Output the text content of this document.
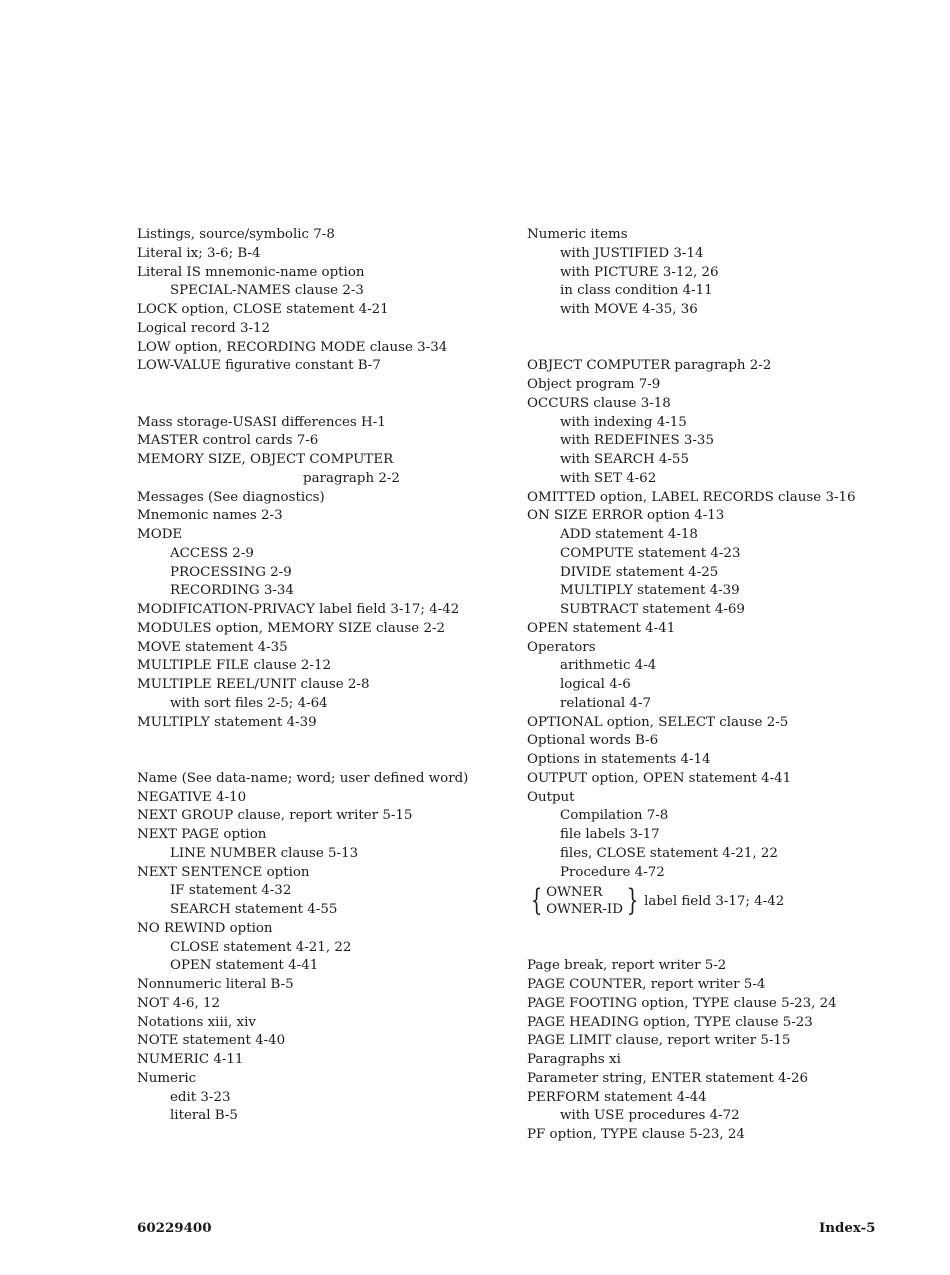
Listings, source/symbolic 7-8
Literal ix; 3-6; B-4
Literal IS mnemonic-name option
SPECIAL-NAMES clause 2-3
LOCK option, CLOSE statement 4-21
Logical record 3-12
LOW option, RECORDING MODE clause 3-34
LOW-VALUE figurative constant B-7
Mass storage-USASI differences H-1
MASTER control cards 7-6
MEMORY SIZE, OBJECT COMPUTER
paragraph 2-2
Messages (See diagnostics)
Mnemonic names 2-3
MODE
ACCESS 2-9
PROCESSING 2-9
RECORDING 3-34
MODIFICATION-PRIVACY label field 3-17; 4-42
MODULES option, MEMORY SIZE clause 2-2
MOVE statement 4-35
MULTIPLE FILE clause 2-12
MULTIPLE REEL/UNIT clause 2-8
with sort files 2-5; 4-64
MULTIPLY statement 4-39
Name (See data-name; word; user defined word)
NEGATIVE 4-10
NEXT GROUP clause, report writer 5-15
NEXT PAGE option
LINE NUMBER clause 5-13
NEXT SENTENCE option
IF statement 4-32
SEARCH statement 4-55
NO REWIND option
CLOSE statement 4-21, 22
OPEN statement 4-41
Nonnumeric literal B-5
NOT 4-6, 12
Notations xiii, xiv
NOTE statement 4-40
NUMERIC 4-11
Numeric
edit 3-23
literal B-5
Numeric items
with JUSTIFIED 3-14
with PICTURE 3-12, 26
in class condition 4-11
with MOVE 4-35, 36
OBJECT COMPUTER paragraph 2-2
Object program 7-9
OCCURS clause 3-18
with indexing 4-15
with REDEFINES 3-35
with SEARCH 4-55
with SET 4-62
OMITTED option, LABEL RECORDS clause 3-16
ON SIZE ERROR option 4-13
ADD statement 4-18
COMPUTE statement 4-23
DIVIDE statement 4-25
MULTIPLY statement 4-39
SUBTRACT statement 4-69
OPEN statement 4-41
Operators
arithmetic 4-4
logical 4-6
relational 4-7
OPTIONAL option, SELECT clause 2-5
Optional words B-6
Options in statements 4-14
OUTPUT option, OPEN statement 4-41
Output
Compilation 7-8
file labels 3-17
files, CLOSE statement 4-21, 22
Procedure 4-72
{ OWNER
OWNER-ID } label field 3-17; 4-42
Page break, report writer 5-2
PAGE COUNTER, report writer 5-4
PAGE FOOTING option, TYPE clause 5-23, 24
PAGE HEADING option, TYPE clause 5-23
PAGE LIMIT clause, report writer 5-15
Paragraphs xi
Parameter string, ENTER statement 4-26
PERFORM statement 4-44
with USE procedures 4-72
PF option, TYPE clause 5-23, 24
60229400	Index-5
